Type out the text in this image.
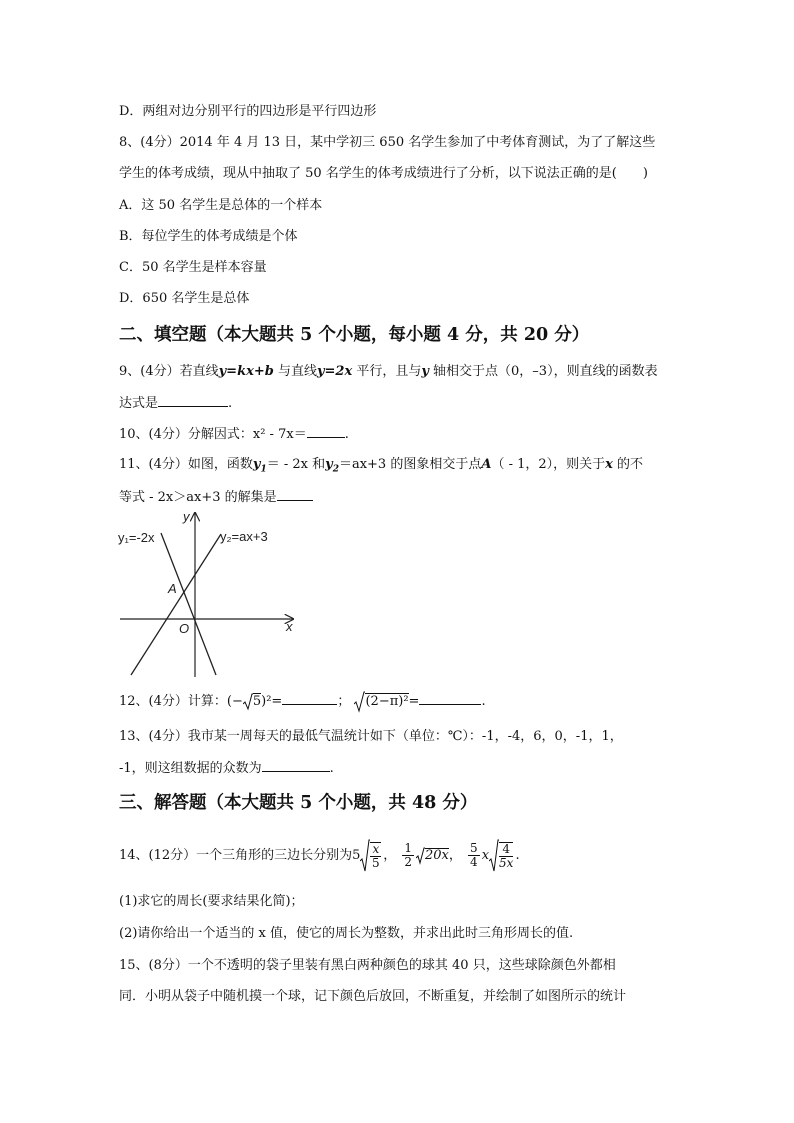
D．两组对边分别平行的四边形是平行四边形
8、(4分）2014 年 4 月 13 日，某中学初三 650 名学生参加了中考体育测试，为了了解这些
学生的体考成绩，现从中抽取了 50 名学生的体考成绩进行了分析，以下说法正确的是(　　)
A．这 50 名学生是总体的一个样本
B．每位学生的体考成绩是个体
C．50 名学生是样本容量
D．650 名学生是总体
二、填空题（本大题共 5 个小题，每小题 4 分，共 20 分）
9、(4分）若直线y=kx+b 与直线y=2x 平行，且与y 轴相交于点（0，–3），则直线的函数表
达式是	.
10、(4分）分解因式：x² - 7x＝	.
11、(4分）如图，函数$y_1= - 2x$ 和$y_2=ax+3$ 的图象相交于点A（ - 1，2），则关于x 的不
等式 - 2x＞ax+3 的解集是
y₁=-2x	y₂=ax+3
x
y
O
A
12、(4分）计算：(− 5)²=	； (2−π)²=	.
13、(4分）我市某一周每天的最低气温统计如下（单位：℃）：-1，-4，6，0，-1，1，
-1，则这组数据的众数为	.
三、解答题（本大题共 5 个小题，共 48 分）
14、(12分）一个三角形的三边长分别为$5 \frac{x}{5}$ ， $\frac{1}{2} 20x$， $\frac{5}{4}$ x $\frac{4}{5x}$ .
(1)求它的周长(要求结果化简)；
(2)请你给出一个适当的 x 值，使它的周长为整数，并求出此时三角形周长的值.
15、(8分）一个不透明的袋子里装有黑白两种颜色的球其 40 只，这些球除颜色外都相
同．小明从袋子中随机摸一个球，记下颜色后放回，不断重复，并绘制了如图所示的统计
